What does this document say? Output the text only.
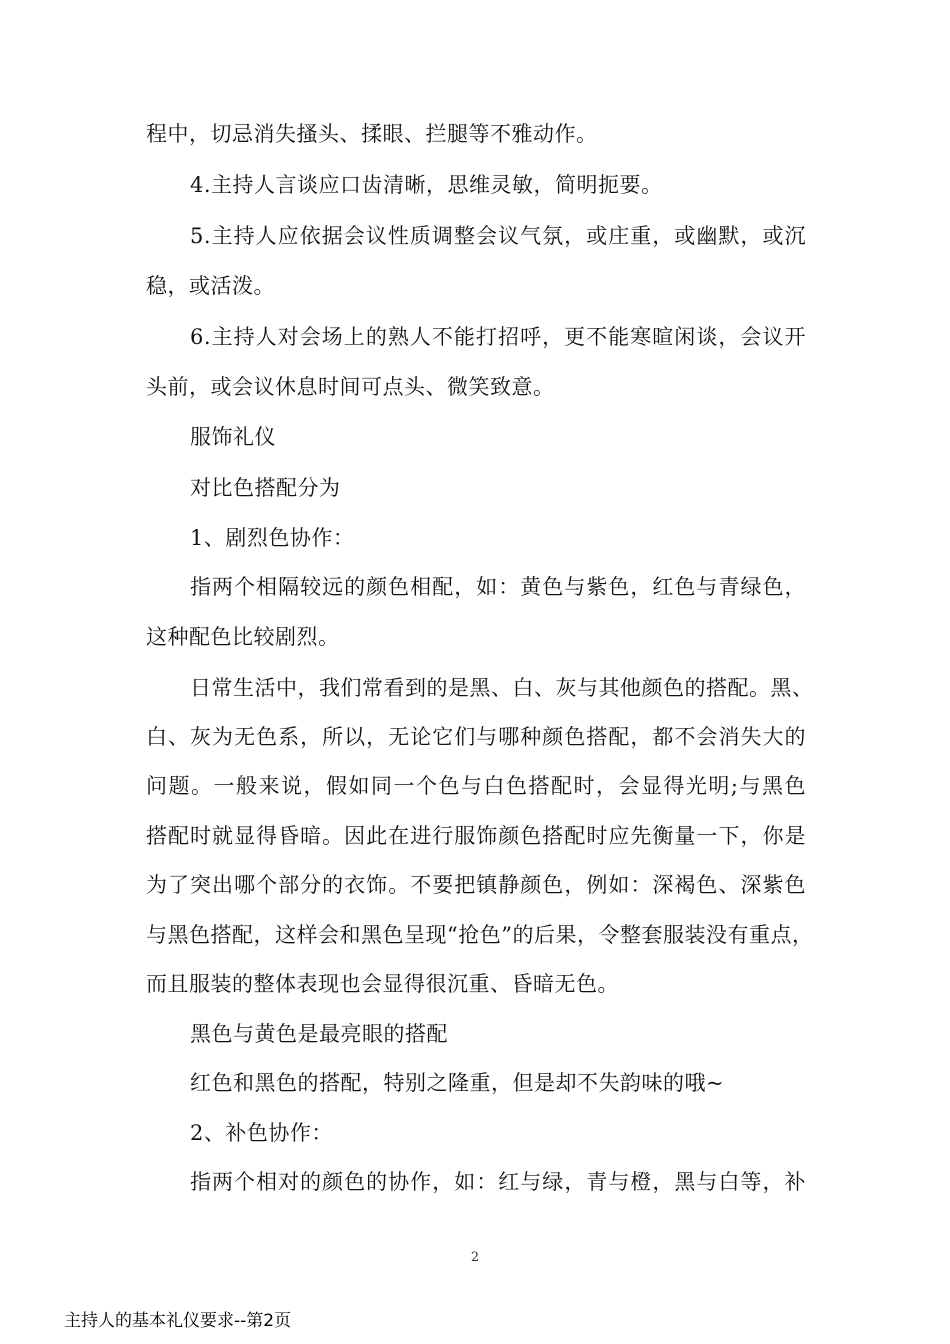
程中，切忌消失搔头、揉眼、拦腿等不雅动作。
4.主持人言谈应口齿清晰，思维灵敏，简明扼要。
5.主持人应依据会议性质调整会议气氛，或庄重，或幽默，或沉
稳，或活泼。
6.主持人对会场上的熟人不能打招呼，更不能寒暄闲谈，会议开
头前，或会议休息时间可点头、微笑致意。
服饰礼仪
对比色搭配分为
1、剧烈色协作：
指两个相隔较远的颜色相配，如：黄色与紫色，红色与青绿色，
这种配色比较剧烈。
日常生活中，我们常看到的是黑、白、灰与其他颜色的搭配。黑、
白、灰为无色系，所以，无论它们与哪种颜色搭配，都不会消失大的
问题。一般来说，假如同一个色与白色搭配时，会显得光明;与黑色
搭配时就显得昏暗。因此在进行服饰颜色搭配时应先衡量一下，你是
为了突出哪个部分的衣饰。不要把镇静颜色，例如：深褐色、深紫色
与黑色搭配，这样会和黑色呈现“抢色”的后果，令整套服装没有重点，
而且服装的整体表现也会显得很沉重、昏暗无色。
黑色与黄色是最亮眼的搭配
红色和黑色的搭配，特别之隆重，但是却不失韵味的哦~
2、补色协作：
指两个相对的颜色的协作，如：红与绿，青与橙，黑与白等，补
2
主持人的基本礼仪要求--第2页
